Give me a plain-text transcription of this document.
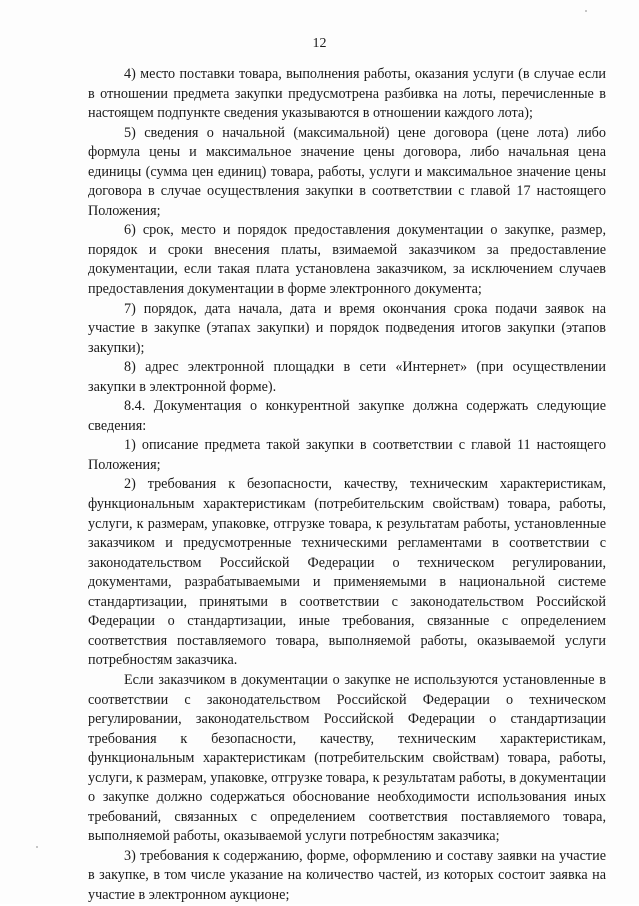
12

4) место поставки товара, выполнения работы, оказания услуги (в случае если в отношении предмета закупки предусмотрена разбивка на лоты, перечисленные в настоящем подпункте сведения указываются в отношении каждого лота);

5) сведения о начальной (максимальной) цене договора (цене лота) либо формула цены и максимальное значение цены договора, либо начальная цена единицы (сумма цен единиц) товара, работы, услуги и максимальное значение цены договора в случае осуществления закупки в соответствии с главой 17 настоящего Положения;

6) срок, место и порядок предоставления документации о закупке, размер, порядок и сроки внесения платы, взимаемой заказчиком за предоставление документации, если такая плата установлена заказчиком, за исключением случаев предоставления документации в форме электронного документа;

7) порядок, дата начала, дата и время окончания срока подачи заявок на участие в закупке (этапах закупки) и порядок подведения итогов закупки (этапов закупки);

8) адрес электронной площадки в сети «Интернет» (при осуществлении закупки в электронной форме).

8.4. Документация о конкурентной закупке должна содержать следующие сведения:

1) описание предмета такой закупки в соответствии с главой 11 настоящего Положения;

2) требования к безопасности, качеству, техническим характеристикам, функциональным характеристикам (потребительским свойствам) товара, работы, услуги, к размерам, упаковке, отгрузке товара, к результатам работы, установленные заказчиком и предусмотренные техническими регламентами в соответствии с законодательством Российской Федерации о техническом регулировании, документами, разрабатываемыми и применяемыми в национальной системе стандартизации, принятыми в соответствии с законодательством Российской Федерации о стандартизации, иные требования, связанные с определением соответствия поставляемого товара, выполняемой работы, оказываемой услуги потребностям заказчика.

Если заказчиком в документации о закупке не используются установленные в соответствии с законодательством Российской Федерации о техническом регулировании, законодательством Российской Федерации о стандартизации требования к безопасности, качеству, техническим характеристикам, функциональным характеристикам (потребительским свойствам) товара, работы, услуги, к размерам, упаковке, отгрузке товара, к результатам работы, в документации о закупке должно содержаться обоснование необходимости использования иных требований, связанных с определением соответствия поставляемого товара, выполняемой работы, оказываемой услуги потребностям заказчика;

3) требования к содержанию, форме, оформлению и составу заявки на участие в закупке, в том числе указание на количество частей, из которых состоит заявка на участие в электронном аукционе;
